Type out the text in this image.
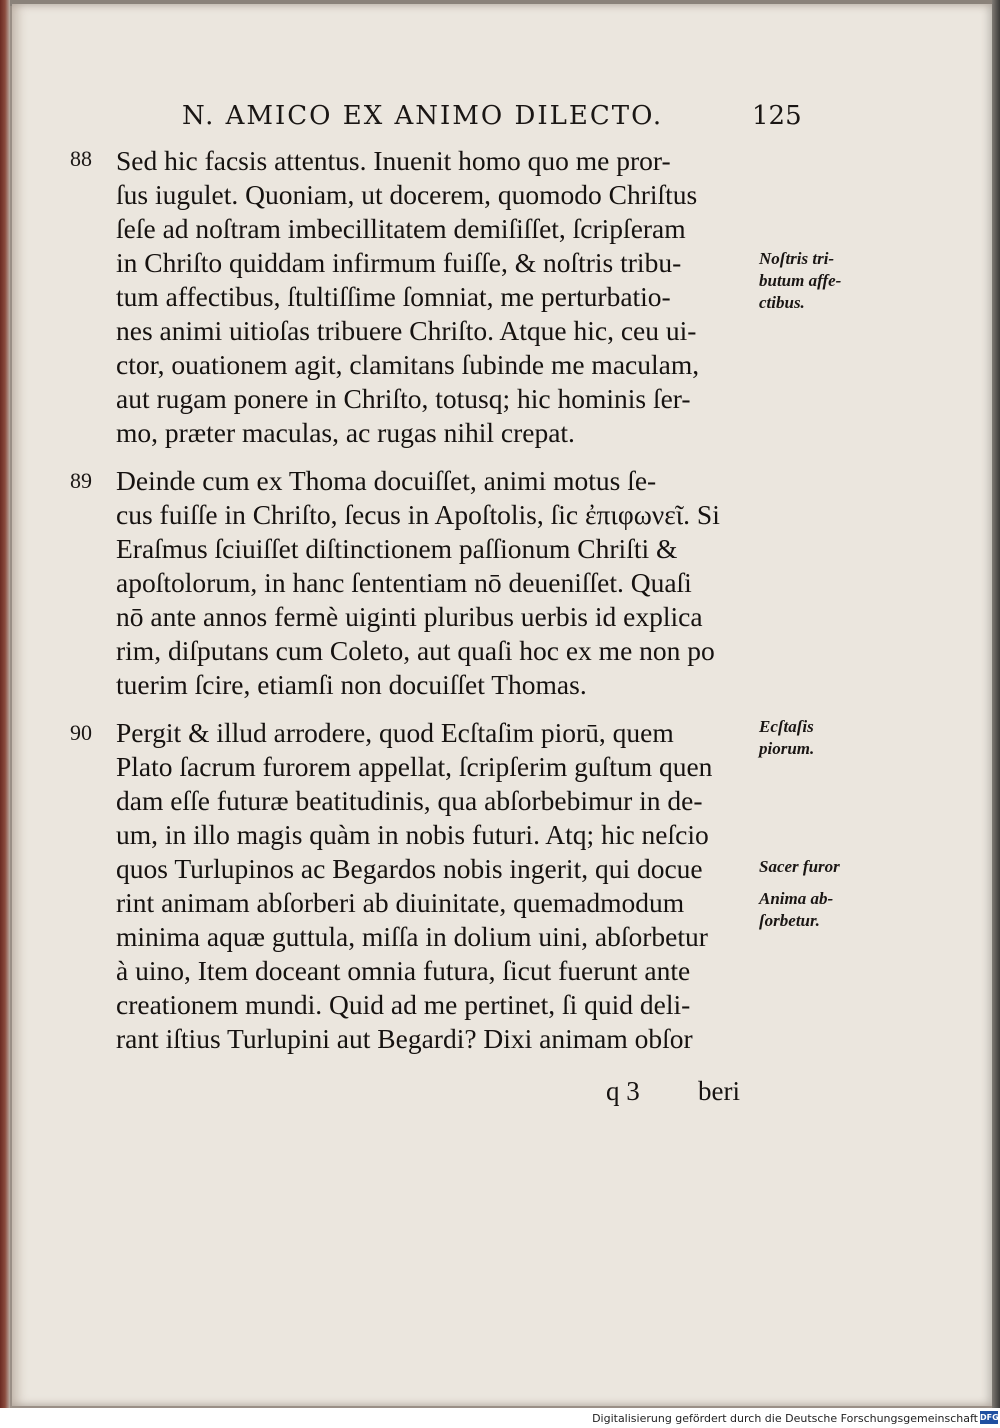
N. AMICO EX ANIMO DILECTO.	125
88 Sed hic facsis attentus. Inuenit homo quo me pror-
ſus iugulet. Quoniam, ut docerem, quomodo Chriſtus
ſeſe ad noſtram imbecillitatem demiſiſſet, ſcripſeram
in Chriſto quiddam infirmum fuiſſe, & noſtris tribu-
tum affectibus, ſtultiſſime ſomniat, me perturbatio-
nes animi uitioſas tribuere Chriſto. Atque hic, ceu ui-
ctor, ouationem agit, clamitans ſubinde me maculam,
aut rugam ponere in Chriſto, totusq; hic hominis ſer-
mo, præter maculas, ac rugas nihil crepat.
89 Deinde cum ex Thoma docuiſſet, animi motus ſe-
cus fuiſſe in Chriſto, ſecus in Apoſtolis, ſic ἐπιφωνεῖ. Si
Eraſmus ſciuiſſet diſtinctionem paſſionum Chriſti &
apoſtolorum, in hanc ſententiam nō deueniſſet. Quaſi
nō ante annos fermè uiginti pluribus uerbis id explica
rim, diſputans cum Coleto, aut quaſi hoc ex me non po
tuerim ſcire, etiamſi non docuiſſet Thomas.
90 Pergit & illud arrodere, quod Ecſtaſim piorū, quem
Plato ſacrum furorem appellat, ſcripſerim guſtum quen
dam eſſe futuræ beatitudinis, qua abſorbebimur in de-
um, in illo magis quàm in nobis futuri. Atq; hic neſcio
quos Turlupinos ac Begardos nobis ingerit, qui docue
rint animam abſorberi ab diuinitate, quemadmodum
minima aquæ guttula, miſſa in dolium uini, abſorbetur
à uino, Item doceant omnia futura, ſicut fuerunt ante
creationem mundi. Quid ad me pertinet, ſi quid deli-
rant iſtius Turlupini aut Begardi? Dixi animam obſor
Noſtris tri-
butum affe-
ctibus.
Ecſtaſis
piorum.
Sacer furor
Anima ab-
ſorbetur.
q 3 beri
Digitalisierung gefördert durch die Deutsche Forschungsgemeinschaft DFG
